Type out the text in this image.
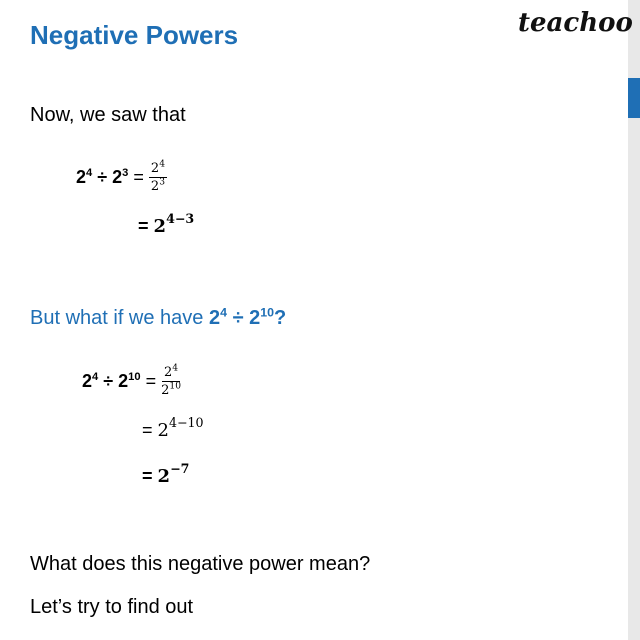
Negative Powers	teachoo
Now, we saw that
$2^4 \div 2^3 = \frac{2^4}{2^3}$
=
2 4−3
But what if we have $2^4 \div 2^{10}$?
$2^4 \div 2^{10} = \frac{2^4}{2^{10}}$
=
2 4−10
=
2 −7
What does this negative power mean?
Let’s try to find out
